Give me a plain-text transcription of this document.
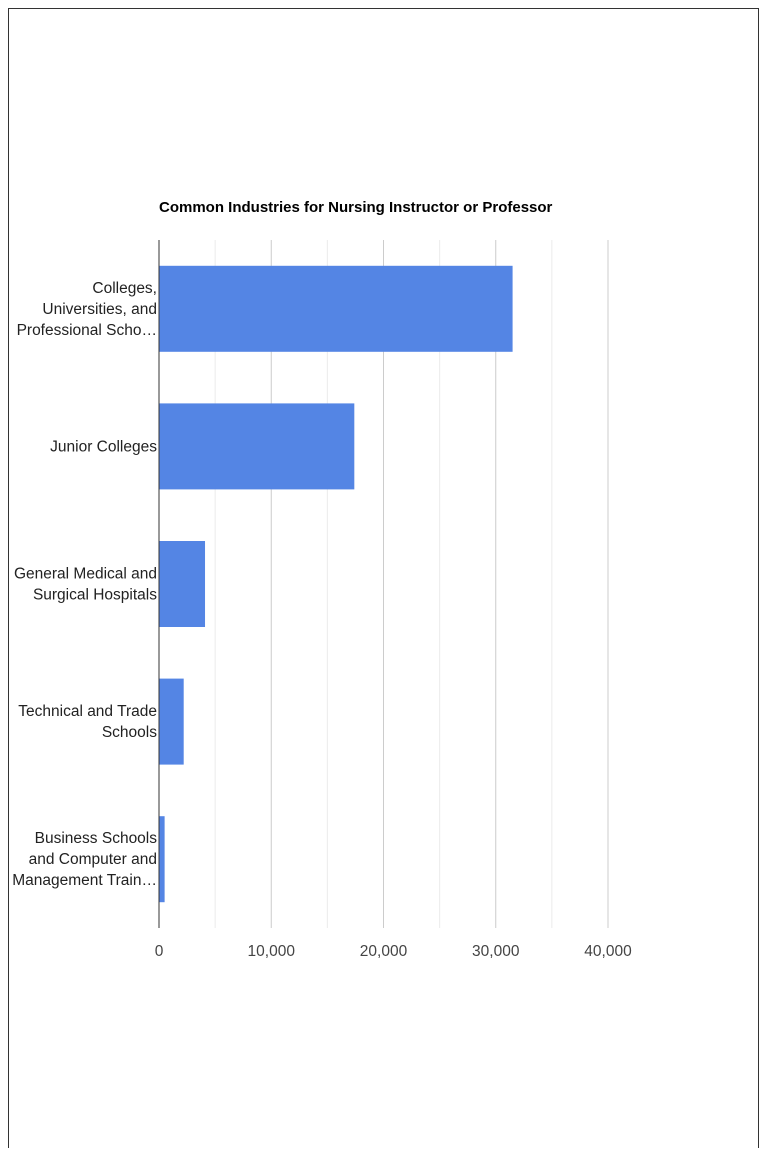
Common Industries for Nursing Instructor or Professor
Colleges, Universities, and Professional Scho…
Junior Colleges
General Medical and Surgical Hospitals
Technical and Trade Schools
Business Schools and Computer and Management Train…
0	10,000	20,000	30,000	40,000
